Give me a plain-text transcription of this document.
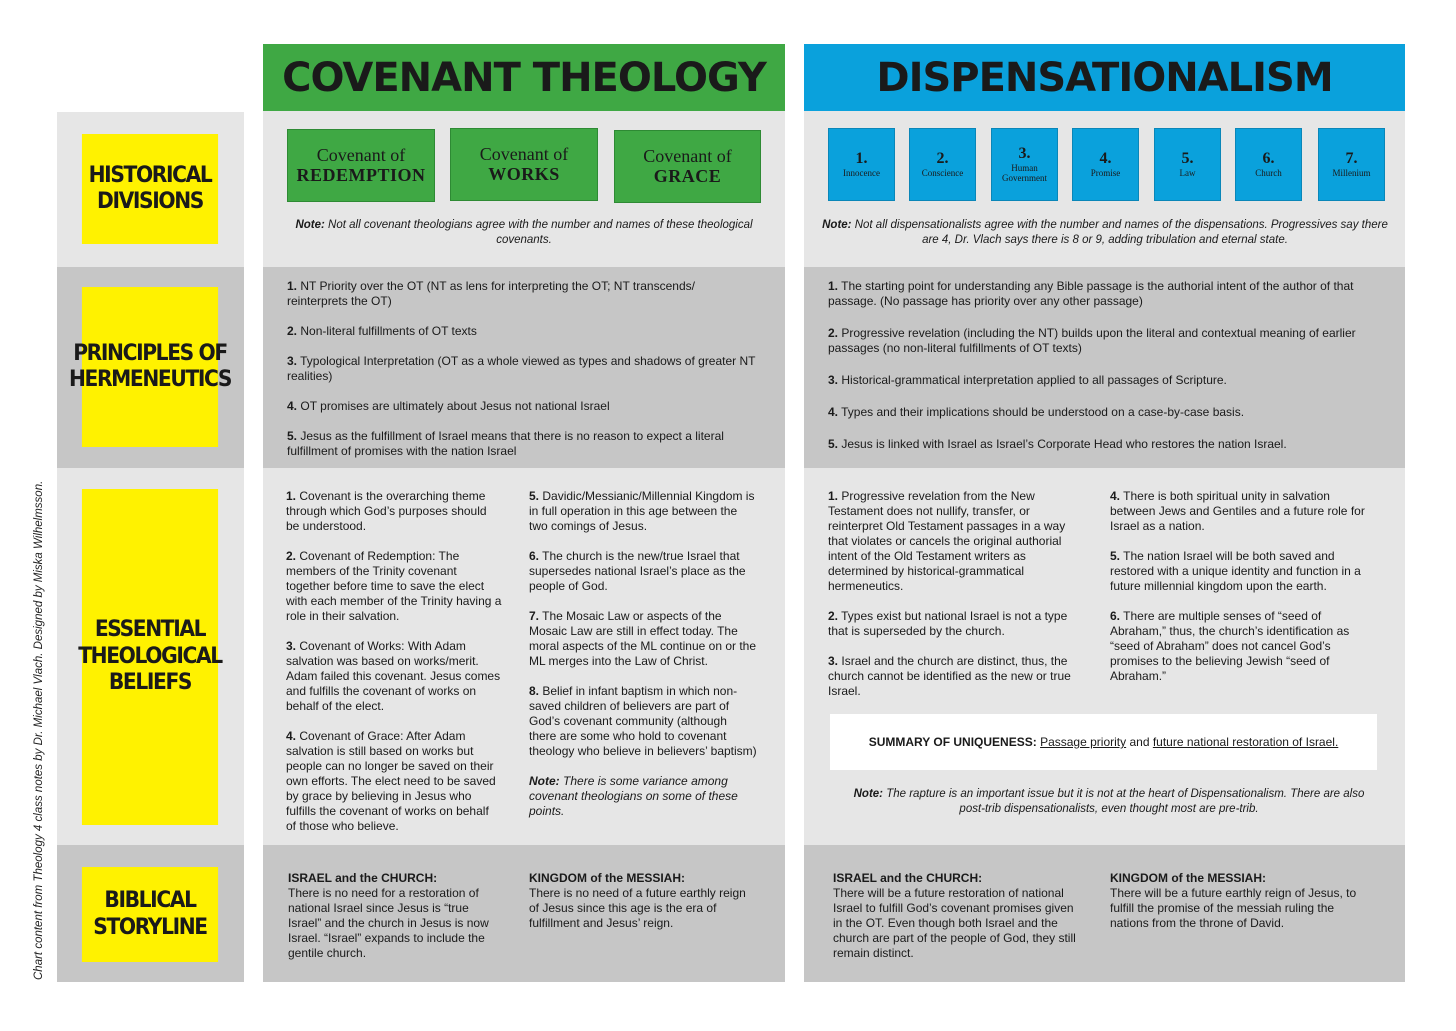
Chart content from Theology 4 class notes by Dr. Michael Vlach. Designed by Miska Wilhelmsson.
COVENANT THEOLOGY	DISPENSATIONALISM
HISTORICAL
DIVISIONS
PRINCIPLES OF
HERMENEUTICS
ESSENTIAL
THEOLOGICAL
BELIEFS
BIBLICAL
STORYLINE
Covenant of
REDEMPTION
Covenant of
WORKS
Covenant of
GRACE
Note: Not all covenant theologians agree with the number and names of these theological covenants.
1.
Innocence
2.
Conscience
3.
Human Government
4.
Promise
5.
Law
6.
Church
7.
Millenium
Note: Not all dispensationalists agree with the number and names of the dispensations. Progressives say there are 4, Dr. Vlach says there is 8 or 9, adding tribulation and eternal state.

1. NT Priority over the OT (NT as lens for interpreting the OT; NT transcends/ reinterprets the OT)

2. Non-literal fulfillments of OT texts

3. Typological Interpretation (OT as a whole viewed as types and shadows of greater NT realities)

4. OT promises are ultimately about Jesus not national Israel

5. Jesus as the fulfillment of Israel means that there is no reason to expect a literal fulfillment of promises with the nation Israel

1. The starting point for understanding any Bible passage is the authorial intent of the author of that passage. (No passage has priority over any other passage)

2. Progressive revelation (including the NT) builds upon the literal and contextual meaning of earlier passages (no non-literal fulfillments of OT texts)

3. Historical-grammatical interpretation applied to all passages of Scripture.

4. Types and their implications should be understood on a case-by-case basis.

5. Jesus is linked with Israel as Israel’s Corporate Head who restores the nation Israel.

1. Covenant is the overarching theme through which God’s purposes should be understood.

2. Covenant of Redemption: The members of the Trinity covenant together before time to save the elect with each member of the Trinity having a role in their salvation.

3. Covenant of Works: With Adam salvation was based on works/merit. Adam failed this covenant. Jesus comes and fulfills the covenant of works on behalf of the elect.

4. Covenant of Grace: After Adam salvation is still based on works but people can no longer be saved on their own efforts. The elect need to be saved by grace by believing in Jesus who fulfills the covenant of works on behalf of those who believe.

5. Davidic/Messianic/Millennial Kingdom is in full operation in this age between the two comings of Jesus.

6. The church is the new/true Israel that supersedes national Israel’s place as the people of God.

7. The Mosaic Law or aspects of the Mosaic Law are still in effect today. The moral aspects of the ML continue on or the ML merges into the Law of Christ.

8. Belief in infant baptism in which non-saved children of believers are part of God’s covenant community (although there are some who hold to covenant theology who believe in believers’ baptism)

Note: There is some variance among covenant theologians on some of these points.

1. Progressive revelation from the New Testament does not nullify, transfer, or reinterpret Old Testament passages in a way that violates or cancels the original authorial intent of the Old Testament writers as determined by historical-grammatical hermeneutics.

2. Types exist but national Israel is not a type that is superseded by the church.

3. Israel and the church are distinct, thus, the church cannot be identified as the new or true Israel.

4. There is both spiritual unity in salvation between Jews and Gentiles and a future role for Israel as a nation.

5. The nation Israel will be both saved and restored with a unique identity and function in a future millennial kingdom upon the earth.

6. There are multiple senses of “seed of Abraham,” thus, the church’s identification as “seed of Abraham” does not cancel God’s promises to the believing Jewish “seed of Abraham.”

SUMMARY OF UNIQUENESS: Passage priority and future national restoration of Israel.
Note: The rapture is an important issue but it is not at the heart of Dispensationalism. There are also post-trib dispensationalists, even thought most are pre-trib.
ISRAEL and the CHURCH:
There is no need for a restoration of national Israel since Jesus is “true Israel” and the church in Jesus is now Israel. “Israel” expands to include the gentile church.
KINGDOM of the MESSIAH:
There is no need of a future earthly reign of Jesus since this age is the era of fulfillment and Jesus’ reign.
ISRAEL and the CHURCH:
There will be a future restoration of national Israel to fulfill God’s covenant promises given in the OT. Even though both Israel and the church are part of the people of God, they still remain distinct.
KINGDOM of the MESSIAH:
There will be a future earthly reign of Jesus, to fulfill the promise of the messiah ruling the nations from the throne of David.
